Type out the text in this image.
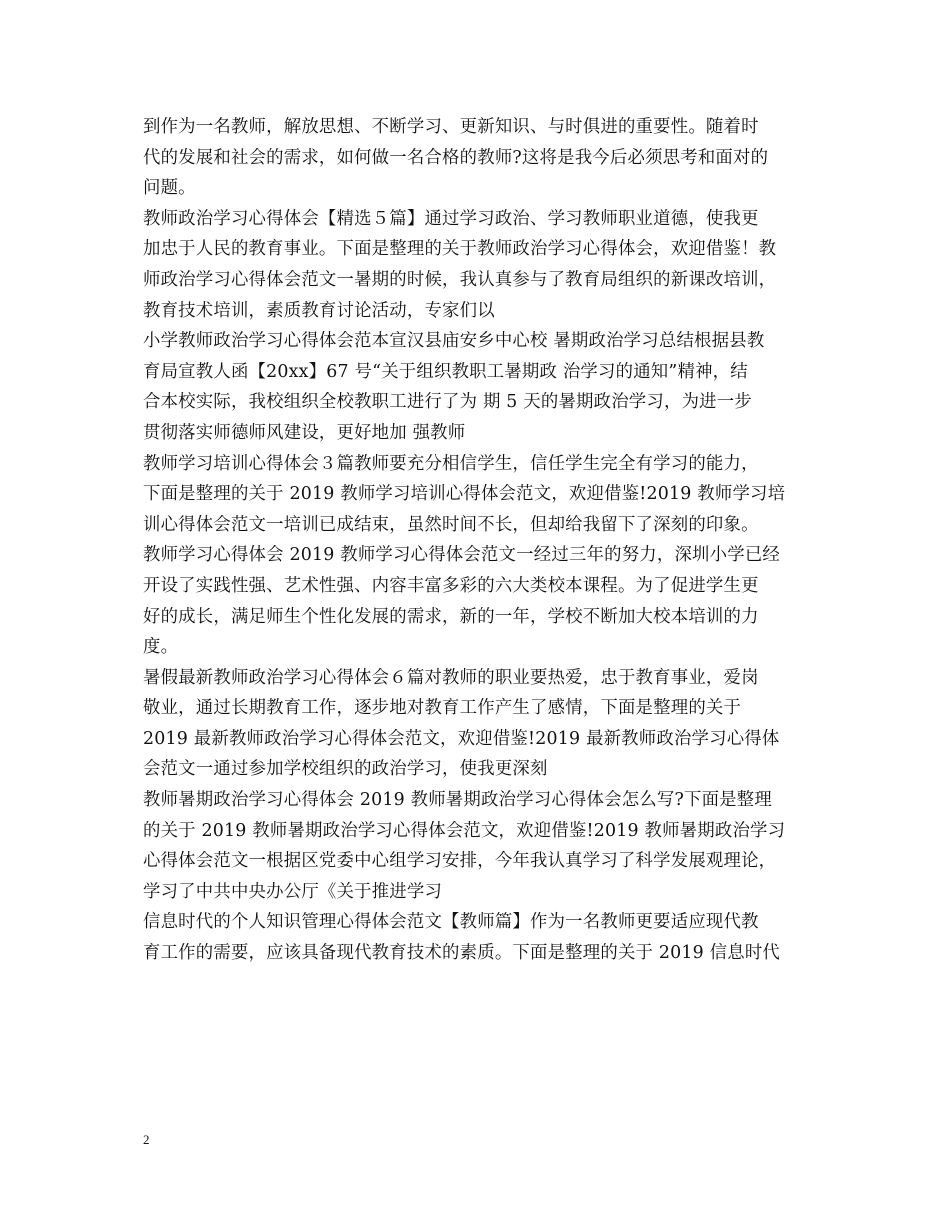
到作为一名教师，解放思想、不断学习、更新知识、与时俱进的重要性。随着时
代的发展和社会的需求，如何做一名合格的教师?这将是我今后必须思考和面对的
问题。
教师政治学习心得体会【精选５篇】通过学习政治、学习教师职业道德，使我更
加忠于人民的教育事业。下面是整理的关于教师政治学习心得体会，欢迎借鉴！教
师政治学习心得体会范文一暑期的时候，我认真参与了教育局组织的新课改培训，
教育技术培训，素质教育讨论活动，专家们以
小学教师政治学习心得体会范本宣汉县庙安乡中心校 暑期政治学习总结根据县教
育局宣教人函【20xx】67 号“关于组织教职工暑期政 治学习的通知”精神，结
合本校实际，我校组织全校教职工进行了为 期 5 天的暑期政治学习，为进一步
贯彻落实师德师风建设，更好地加 强教师
教师学习培训心得体会３篇教师要充分相信学生，信任学生完全有学习的能力，
下面是整理的关于 2019 教师学习培训心得体会范文，欢迎借鉴!2019 教师学习培
训心得体会范文一培训已成结束，虽然时间不长，但却给我留下了深刻的印象。
教师学习心得体会 2019 教师学习心得体会范文一经过三年的努力，深圳小学已经
开设了实践性强、艺术性强、内容丰富多彩的六大类校本课程。为了促进学生更
好的成长，满足师生个性化发展的需求，新的一年，学校不断加大校本培训的力
度。
暑假最新教师政治学习心得体会６篇对教师的职业要热爱，忠于教育事业，爱岗
敬业，通过长期教育工作，逐步地对教育工作产生了感情，下面是整理的关于
2019 最新教师政治学习心得体会范文，欢迎借鉴!2019 最新教师政治学习心得体
会范文一通过参加学校组织的政治学习，使我更深刻
教师暑期政治学习心得体会 2019 教师暑期政治学习心得体会怎么写?下面是整理
的关于 2019 教师暑期政治学习心得体会范文，欢迎借鉴!2019 教师暑期政治学习
心得体会范文一根据区党委中心组学习安排，今年我认真学习了科学发展观理论，
学习了中共中央办公厅《关于推进学习
信息时代的个人知识管理心得体会范文【教师篇】作为一名教师更要适应现代教
育工作的需要，应该具备现代教育技术的素质。下面是整理的关于 2019 信息时代
2
